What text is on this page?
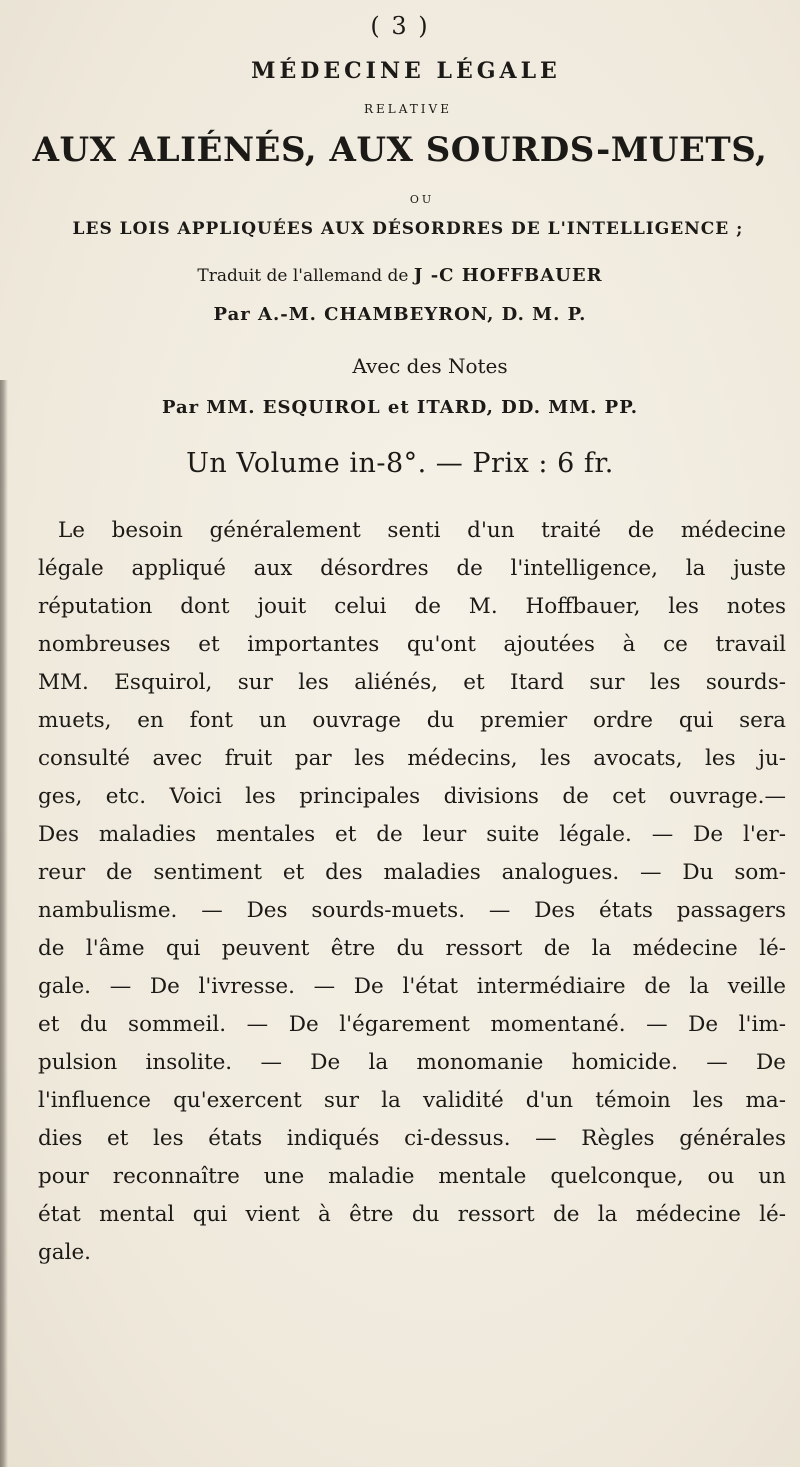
( 3 )
MÉDECINE LÉGALE
RELATIVE
AUX ALIÉNÉS, AUX SOURDS-MUETS,
OU
LES LOIS APPLIQUÉES AUX DÉSORDRES DE L'INTELLIGENCE ;
Traduit de l'allemand de J -C HOFFBAUER
Par A.-M. CHAMBEYRON, D. M. P.
Avec des Notes
Par MM. ESQUIROL et ITARD, DD. MM. PP.
Un Volume in-8°. — Prix : 6 fr.

Le besoin généralement senti d'un traité de médecine
légale appliqué aux désordres de l'intelligence, la juste
réputation dont jouit celui de M. Hoffbauer, les notes
nombreuses et importantes qu'ont ajoutées à ce travail
MM. Esquirol, sur les aliénés, et Itard sur les sourds-
muets, en font un ouvrage du premier ordre qui sera
consulté avec fruit par les médecins, les avocats, les ju-
ges, etc. Voici les principales divisions de cet ouvrage.—
Des maladies mentales et de leur suite légale. — De l'er-
reur de sentiment et des maladies analogues. — Du som-
nambulisme. — Des sourds-muets. — Des états passagers
de l'âme qui peuvent être du ressort de la médecine lé-
gale. — De l'ivresse. — De l'état intermédiaire de la veille
et du sommeil. — De l'égarement momentané. — De l'im-
pulsion insolite. — De la monomanie homicide. — De
l'influence qu'exercent sur la validité d'un témoin les ma-
dies et les états indiqués ci-dessus. — Règles générales
pour reconnaître une maladie mentale quelconque, ou un
état mental qui vient à être du ressort de la médecine lé-
gale.
